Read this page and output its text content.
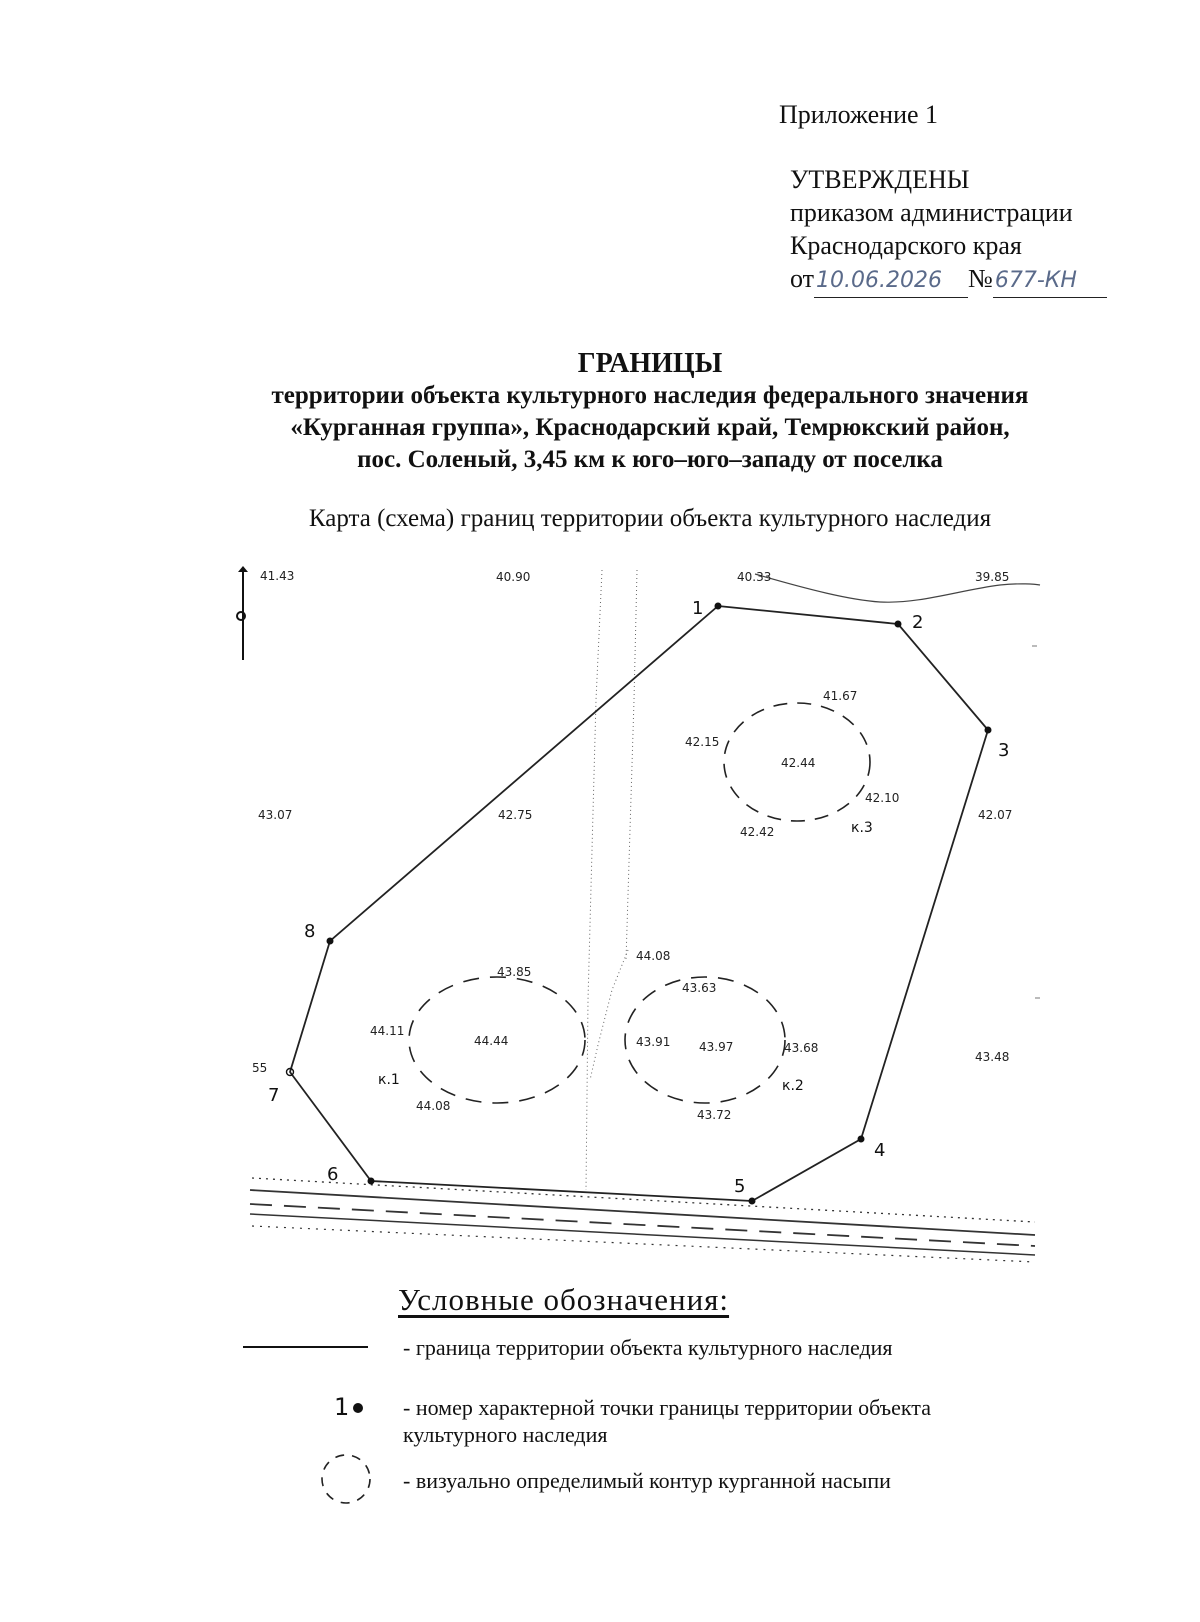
Приложение 1
УТВЕРЖДЕНЫ
приказом администрации
Краснодарского края
от10.06.2026 №677-КН
ГРАНИЦЫ
территории объекта культурного наследия федерального значения
«Курганная группа», Краснодарский край, Темрюкский район,
пос. Соленый, 3,45 км к юго–юго–западу от поселка
Карта (схема) границ территории объекта культурного наследия
1
2
3
4
5
6
7
8
41.43	40.90	40.33	39.85
41.67
42.15
42.44
42.10
42.42
43.07	42.75	42.07
44.08
43.85
43.63
44.11
44.44	43.91 43.97	43.68
43.48
55
44.08
43.72
к.1	к.2
к.3
Условные обозначения:
- граница территории объекта культурного наследия
1	- номер характерной точки границы территории объекта культурного наследия
- визуально определимый контур курганной насыпи
